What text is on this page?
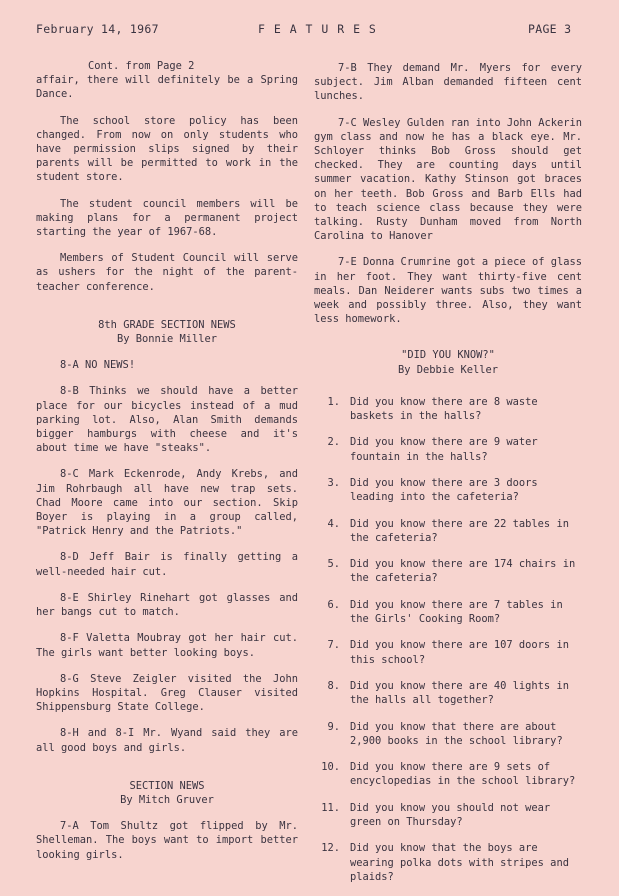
February 14, 1967	F E A T U R E S	PAGE 3
Cont. from Page 2

affair, there will definitely be a Spring Dance.

The school store policy has been changed. From now on only students who have permission slips signed by their parents will be permitted to work in the student store.

The student council members will be making plans for a permanent project starting the year of 1967-68.

Members of Student Council will serve as ushers for the night of the parent-teacher conference.

8th GRADE SECTION NEWS

By Bonnie Miller

8-A NO NEWS!

8-B Thinks we should have a better place for our bicycles instead of a mud parking lot. Also, Alan Smith demands bigger hamburgs with cheese and it's about time we have "steaks".

8-C Mark Eckenrode, Andy Krebs, and Jim Rohrbaugh all have new trap sets. Chad Moore came into our section. Skip Boyer is playing in a group called, "Patrick Henry and the Patriots."

8-D Jeff Bair is finally getting a well-needed hair cut.

8-E Shirley Rinehart got glasses and her bangs cut to match.

8-F Valetta Moubray got her hair cut. The girls want better looking boys.

8-G Steve Zeigler visited the John Hopkins Hospital. Greg Clauser visited Shippensburg State College.

8-H and 8-I Mr. Wyand said they are all good boys and girls.

SECTION NEWS

By Mitch Gruver

7-A Tom Shultz got flipped by Mr. Shelleman. The boys want to import better looking girls.

7-B They demand Mr. Myers for every subject. Jim Alban demanded fifteen cent lunches.

7-C Wesley Gulden ran into John Ackerin gym class and now he has a black eye. Mr. Schloyer thinks Bob Gross should get checked. They are counting days until summer vacation. Kathy Stinson got braces on her teeth. Bob Gross and Barb Ells had to teach science class because they were talking. Rusty Dunham moved from North Carolina to Hanover

7-E Donna Crumrine got a piece of glass in her foot. They want thirty-five cent meals. Dan Neiderer wants subs two times a week and possibly three. Also, they want less homework.

"DID YOU KNOW?"

By Debbie Keller

1. Did you know there are 8 waste baskets in the halls?
2. Did you know there are 9 water fountain in the halls?
3. Did you know there are 3 doors leading into the cafeteria?
4. Did you know there are 22 tables in the cafeteria?
5. Did you know there are 174 chairs in the cafeteria?
6. Did you know there are 7 tables in the Girls' Cooking Room?
7. Did you know there are 107 doors in this school?
8. Did you know there are 40 lights in the halls all together?
9. Did you know that there are about 2,900 books in the school library?
10. Did you know there are 9 sets of encyclopedias in the school library?
11. Did you know you should not wear green on Thursday?
12. Did you know that the boys are wearing polka dots with stripes and plaids?
